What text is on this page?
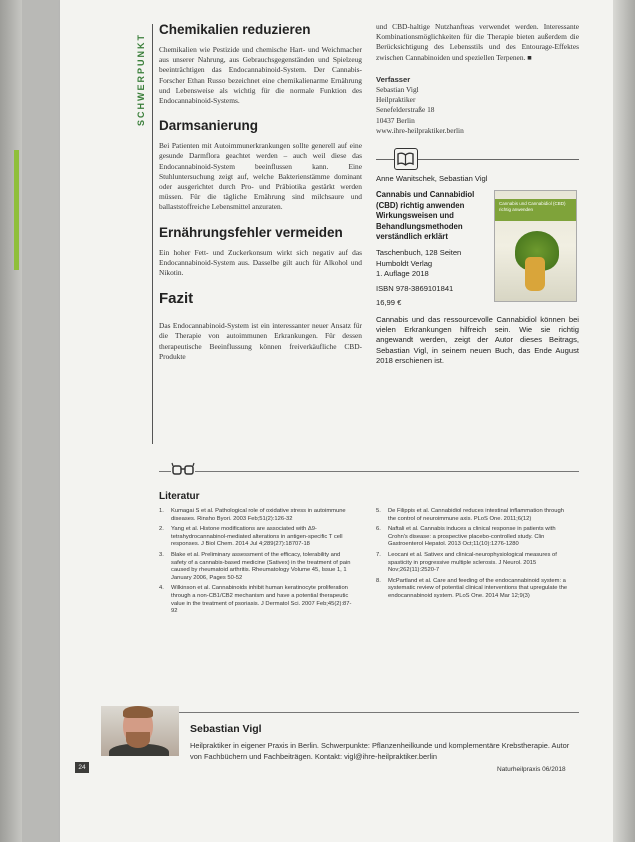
SCHWERPUNKT
Chemikalien reduzieren

Chemikalien wie Pestizide und chemische Hart- und Weichmacher aus unserer Nahrung, aus Gebrauchsgegenständen und Spielzeug beeinträchtigen das Endocannabinoid-System. Der Cannabis-Forscher Ethan Russo bezeichnet eine chemikalienarme Ernährung und Lebensweise als wichtig für die normale Funktion des Endocannabinoid-Systems.

Darmsanierung

Bei Patienten mit Autoimmunerkrankungen sollte generell auf eine gesunde Darmflora geachtet werden – auch weil diese das Endocannabinoid-System beeinflussen kann. Eine Stuhluntersuchung zeigt auf, welche Bakterienstämme dominant oder ausgerichtet durch Pro- und Präbiotika gestärkt werden müssen. Für die tägliche Ernährung sind milchsaure und ballaststoffreiche Lebensmittel anzuraten.

Ernährungsfehler vermeiden

Ein hoher Fett- und Zuckerkonsum wirkt sich negativ auf das Endocannabinoid-System aus. Dasselbe gilt auch für Alkohol und Nikotin.

Fazit

Das Endocannabinoid-System ist ein interessanter neuer Ansatz für die Therapie von autoimmunen Erkrankungen. Für dessen therapeutische Beeinflussung können freiverkäufliche CBD-Produkte

und CBD-haltige Nutzhanfteas verwendet werden. Interessante Kombinationsmöglichkeiten für die Therapie bieten außerdem die Berücksichtigung des Lebensstils und des Entourage-Effektes zwischen Cannabinoiden und speziellen Terpenen. ■

Verfasser
Sebastian Vigl
Heilpraktiker
Senefelderstraße 18
10437 Berlin
www.ihre-heilpraktiker.berlin
Anne Wanitschek, Sebastian Vigl
Cannabis und Cannabidiol (CBD) richtig anwenden Wirkungsweisen und Behandlungsmethoden verständlich erklärt
Taschenbuch, 128 Seiten
Humboldt Verlag
1. Auflage 2018
ISBN 978-3869101841
16,99 €
Cannabis und Cannabidiol (CBD) richtig anwenden

Cannabis und das ressourcevolle Cannabidiol können bei vielen Erkrankungen hilfreich sein. Wie sie richtig angewandt werden, zeigt der Autor dieses Beitrags, Sebastian Vigl, in seinem neuen Buch, das Ende August 2018 erschienen ist.

Literatur
1.	Kumagai S et al. Pathological role of oxidative stress in autoimmune diseases. Rinsho Byori. 2003 Feb;51(2):126-32
2.	Yang et al. Histone modifications are associated with Δ9-tetrahydrocannabinol-mediated alterations in antigen-specific T cell responses. J Biol Chem. 2014 Jul 4;289(27):18707-18
3.	Blake et al. Preliminary assessment of the efficacy, tolerability and safety of a cannabis-based medicine (Sativex) in the treatment of pain caused by rheumatoid arthritis. Rheumatology Volume 45, Issue 1, 1 January 2006, Pages 50-52
4.	Wilkinson et al. Cannabinoids inhibit human keratinocyte proliferation through a non-CB1/CB2 mechanism and have a potential therapeutic value in the treatment of psoriasis. J Dermatol Sci. 2007 Feb;45(2):87-92
5.	De Filippis et al. Cannabidiol reduces intestinal inflammation through the control of neuroimmune axis. PLoS One. 2011;6(12)
6.	Naftali et al. Cannabis induces a clinical response in patients with Crohn's disease: a prospective placebo-controlled study. Clin Gastroenterol Hepatol. 2013 Oct;11(10):1276-1280
7.	Leocani et al. Sativex and clinical-neurophysiological measures of spasticity in progressive multiple sclerosis. J Neurol. 2015 Nov;262(11):2520-7
8.	McPartland et al. Care and feeding of the endocannabinoid system: a systematic review of potential clinical interventions that upregulate the endocannabinoid system. PLoS One. 2014 Mar 12;9(3)
Sebastian Vigl
Heilpraktiker in eigener Praxis in Berlin. Schwerpunkte: Pflanzenheilkunde und komplementäre Krebstherapie. Autor von Fachbüchern und Fachbeiträgen. Kontakt: vigl@ihre-heilpraktiker.berlin
24	Naturheilpraxis 06/2018
